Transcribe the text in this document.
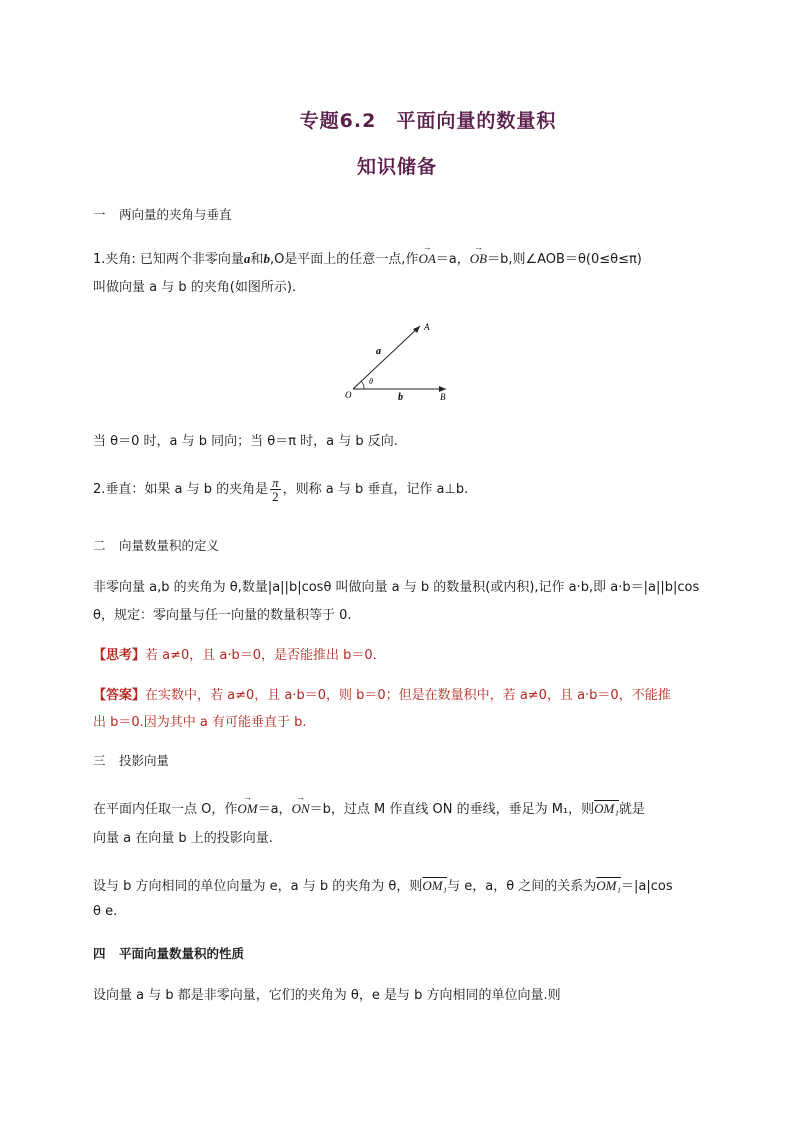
专题6.2　平面向量的数量积
知识储备
一 两向量的夹角与垂直
1.夹角: 已知两个非零向量a和b,O是平面上的任意一点,作OA
→
＝a，OB
→
＝b,则∠AOB＝θ(0≤θ≤π)
叫做向量 a 与 b 的夹角(如图所示).
A
B
O
a
b
θ
当 θ＝0 时，a 与 b 同向；当 θ＝π 时，a 与 b 反向.
2.垂直：如果 a 与 b 的夹角是 $\frac{\pi}{2}$ ，则称 a 与 b 垂直，记作 a⊥b.
二 向量数量积的定义
非零向量 a,b 的夹角为 θ,数量|a||b|cosθ 叫做向量 a 与 b 的数量积(或内积),记作 a·b,即 a·b＝|a||b|cos
θ，规定：零向量与任一向量的数量积等于 0.
【思考】若 a≠0，且 a·b＝0，是否能推出 b＝0.
【答案】在实数中，若 a≠0，且 a·b＝0，则 b＝0；但是在数量积中，若 a≠0，且 a·b＝0，不能推
出 b＝0.因为其中 a 有可能垂直于 b.
三 投影向量
在平面内任取一点 O，作OM
→
＝a，ON
→
＝b，过点 M 作直线 ON 的垂线，垂足为 M₁，则OM₁就是
向量 a 在向量 b 上的投影向量.
设与 b 方向相同的单位向量为 e，a 与 b 的夹角为 θ，则OM₁与 e，a，θ 之间的关系为OM₁＝|a|cos
θ e.
四 平面向量数量积的性质
设向量 a 与 b 都是非零向量，它们的夹角为 θ，e 是与 b 方向相同的单位向量.则
